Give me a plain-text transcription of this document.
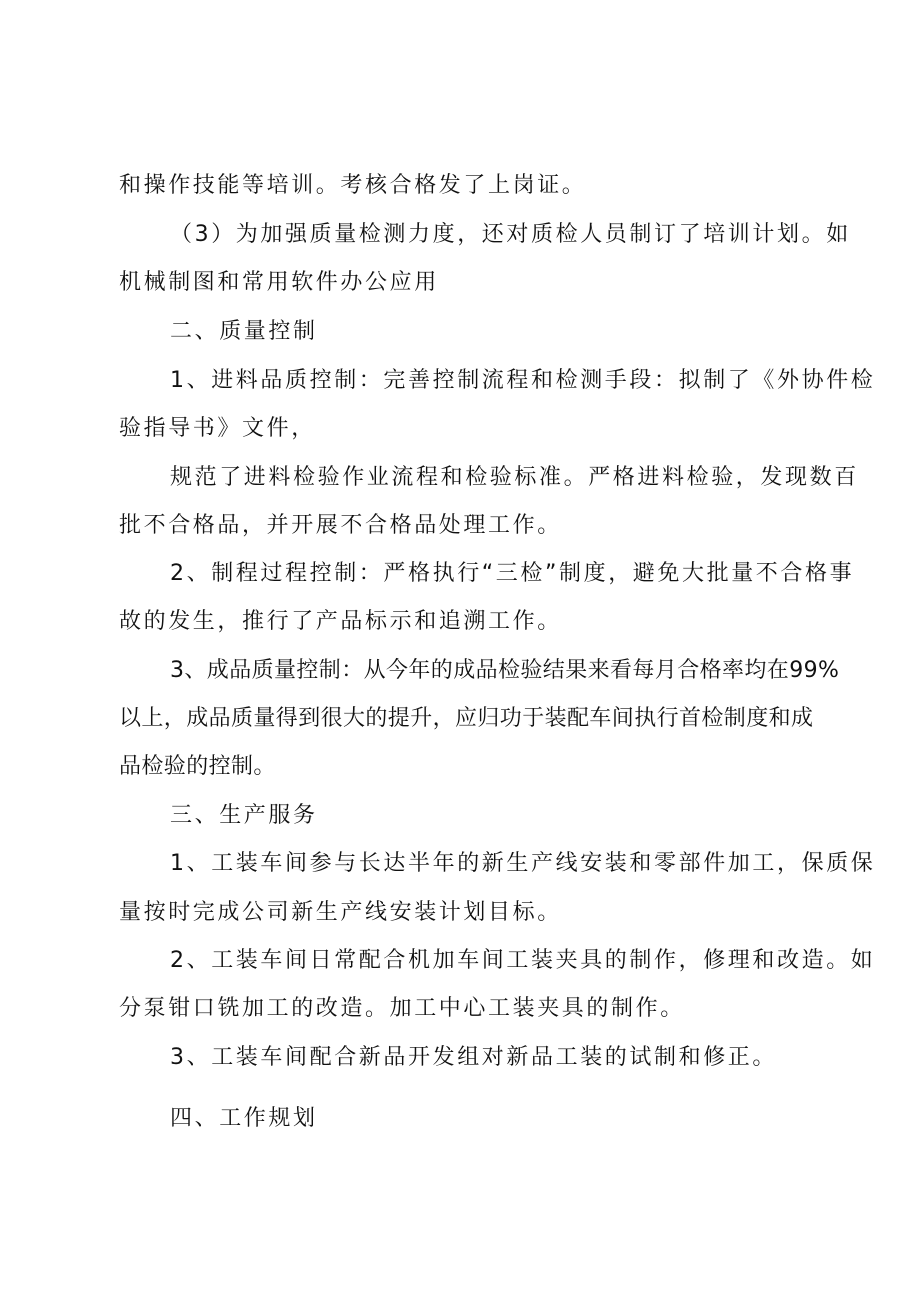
和操作技能等培训。考核合格发了上岗证。
（3）为加强质量检测力度，还对质检人员制订了培训计划。如
机械制图和常用软件办公应用
二、质量控制
1、进料品质控制：完善控制流程和检测手段：拟制了《外协件检
验指导书》文件，
规范了进料检验作业流程和检验标准。严格进料检验，发现数百
批不合格品，并开展不合格品处理工作。
2、制程过程控制：严格执行“三检”制度，避免大批量不合格事
故的发生，推行了产品标示和追溯工作。
3、成品质量控制：从今年的成品检验结果来看每月合格率均在99%
以上，成品质量得到很大的提升，应归功于装配车间执行首检制度和成
品检验的控制。
三、生产服务
1、工装车间参与长达半年的新生产线安装和零部件加工，保质保
量按时完成公司新生产线安装计划目标。
2、工装车间日常配合机加车间工装夹具的制作，修理和改造。如
分泵钳口铣加工的改造。加工中心工装夹具的制作。
3、工装车间配合新品开发组对新品工装的试制和修正。
四、工作规划
